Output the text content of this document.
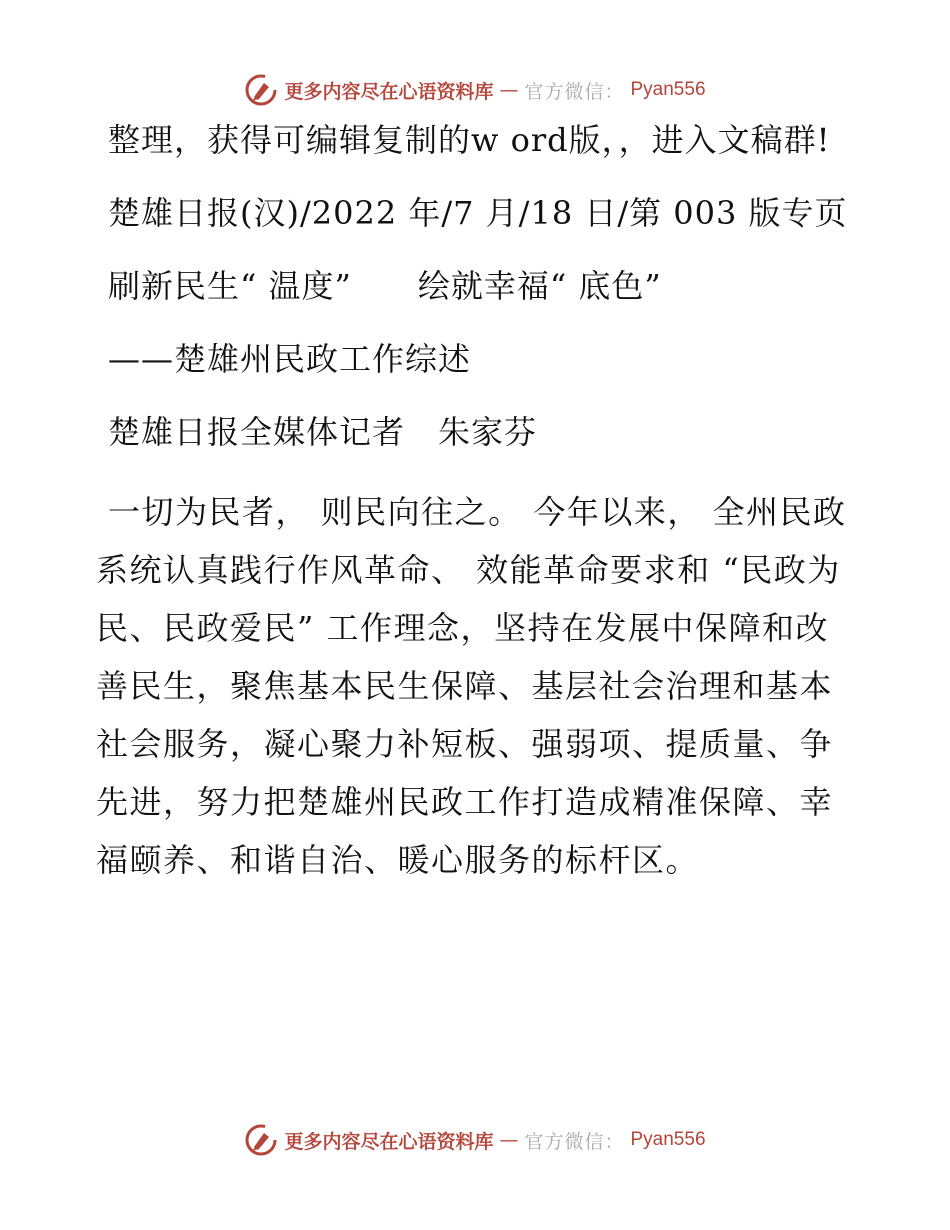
更多内容尽在心语资料库 — 官方微信： Pyan556

整理，获得可编辑复制的w ord版，，进入文稿群!

楚雄日报(汉)/2022 年/7 月/18 日/第 003 版专页

刷新民生“ 温度”　　绘就幸福“ 底色”

——楚雄州民政工作综述

楚雄日报全媒体记者　朱家芬

一切为民者， 则民向往之。 今年以来， 全州民政系统认真践行作风革命、 效能革命要求和 “民政为民、民政爱民” 工作理念，坚持在发展中保障和改善民生，聚焦基本民生保障、基层社会治理和基本社会服务，凝心聚力补短板、强弱项、提质量、争先进，努力把楚雄州民政工作打造成精准保障、幸福颐养、和谐自治、暖心服务的标杆区。

更多内容尽在心语资料库 — 官方微信： Pyan556
